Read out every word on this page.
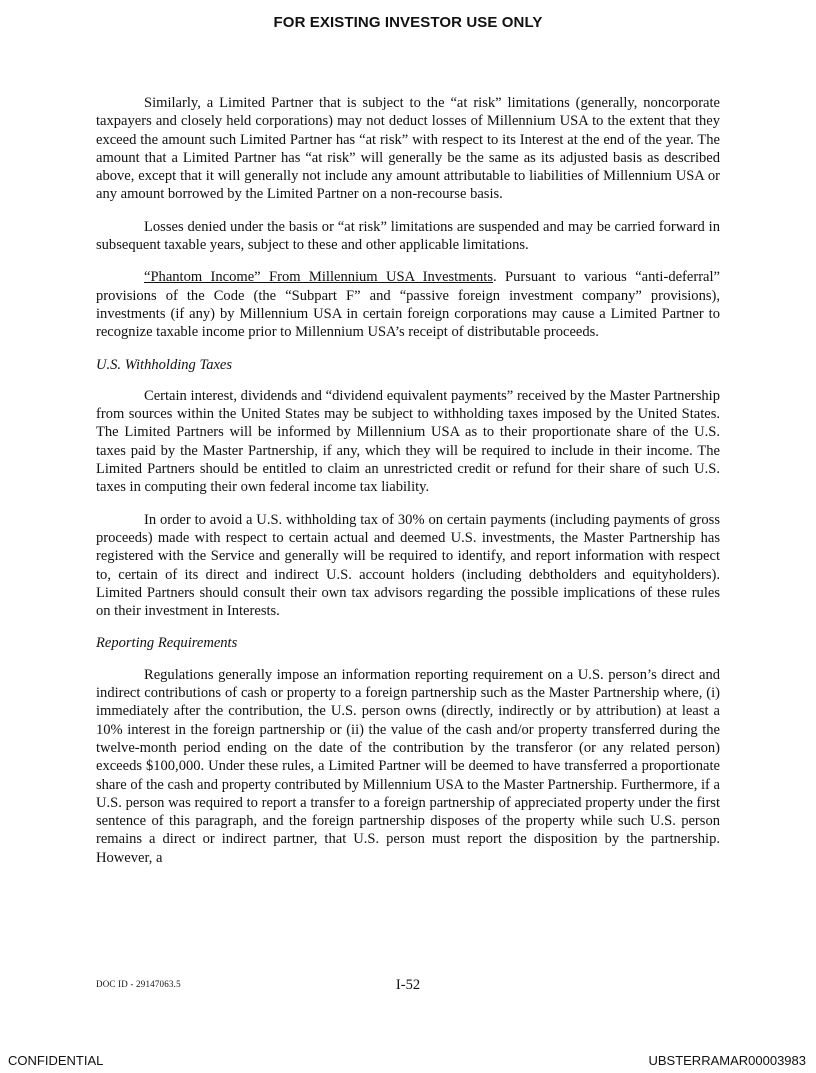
FOR EXISTING INVESTOR USE ONLY

Similarly, a Limited Partner that is subject to the “at risk” limitations (generally, noncorporate taxpayers and closely held corporations) may not deduct losses of Millennium USA to the extent that they exceed the amount such Limited Partner has “at risk” with respect to its Interest at the end of the year. The amount that a Limited Partner has “at risk” will generally be the same as its adjusted basis as described above, except that it will generally not include any amount attributable to liabilities of Millennium USA or any amount borrowed by the Limited Partner on a non-recourse basis.

Losses denied under the basis or “at risk” limitations are suspended and may be carried forward in subsequent taxable years, subject to these and other applicable limitations.

“Phantom Income” From Millennium USA Investments. Pursuant to various “anti-deferral” provisions of the Code (the “Subpart F” and “passive foreign investment company” provisions), investments (if any) by Millennium USA in certain foreign corporations may cause a Limited Partner to recognize taxable income prior to Millennium USA’s receipt of distributable proceeds.

U.S. Withholding Taxes

Certain interest, dividends and “dividend equivalent payments” received by the Master Partnership from sources within the United States may be subject to withholding taxes imposed by the United States. The Limited Partners will be informed by Millennium USA as to their proportionate share of the U.S. taxes paid by the Master Partnership, if any, which they will be required to include in their income. The Limited Partners should be entitled to claim an unrestricted credit or refund for their share of such U.S. taxes in computing their own federal income tax liability.

In order to avoid a U.S. withholding tax of 30% on certain payments (including payments of gross proceeds) made with respect to certain actual and deemed U.S. investments, the Master Partnership has registered with the Service and generally will be required to identify, and report information with respect to, certain of its direct and indirect U.S. account holders (including debtholders and equityholders). Limited Partners should consult their own tax advisors regarding the possible implications of these rules on their investment in Interests.

Reporting Requirements

Regulations generally impose an information reporting requirement on a U.S. person’s direct and indirect contributions of cash or property to a foreign partnership such as the Master Partnership where, (i) immediately after the contribution, the U.S. person owns (directly, indirectly or by attribution) at least a 10% interest in the foreign partnership or (ii) the value of the cash and/or property transferred during the twelve-month period ending on the date of the contribution by the transferor (or any related person) exceeds $100,000. Under these rules, a Limited Partner will be deemed to have transferred a proportionate share of the cash and property contributed by Millennium USA to the Master Partnership. Furthermore, if a U.S. person was required to report a transfer to a foreign partnership of appreciated property under the first sentence of this paragraph, and the foreign partnership disposes of the property while such U.S. person remains a direct or indirect partner, that U.S. person must report the disposition by the partnership. However, a

DOC ID - 29147063.5	I-52
CONFIDENTIAL	UBSTERRAMAR00003983
